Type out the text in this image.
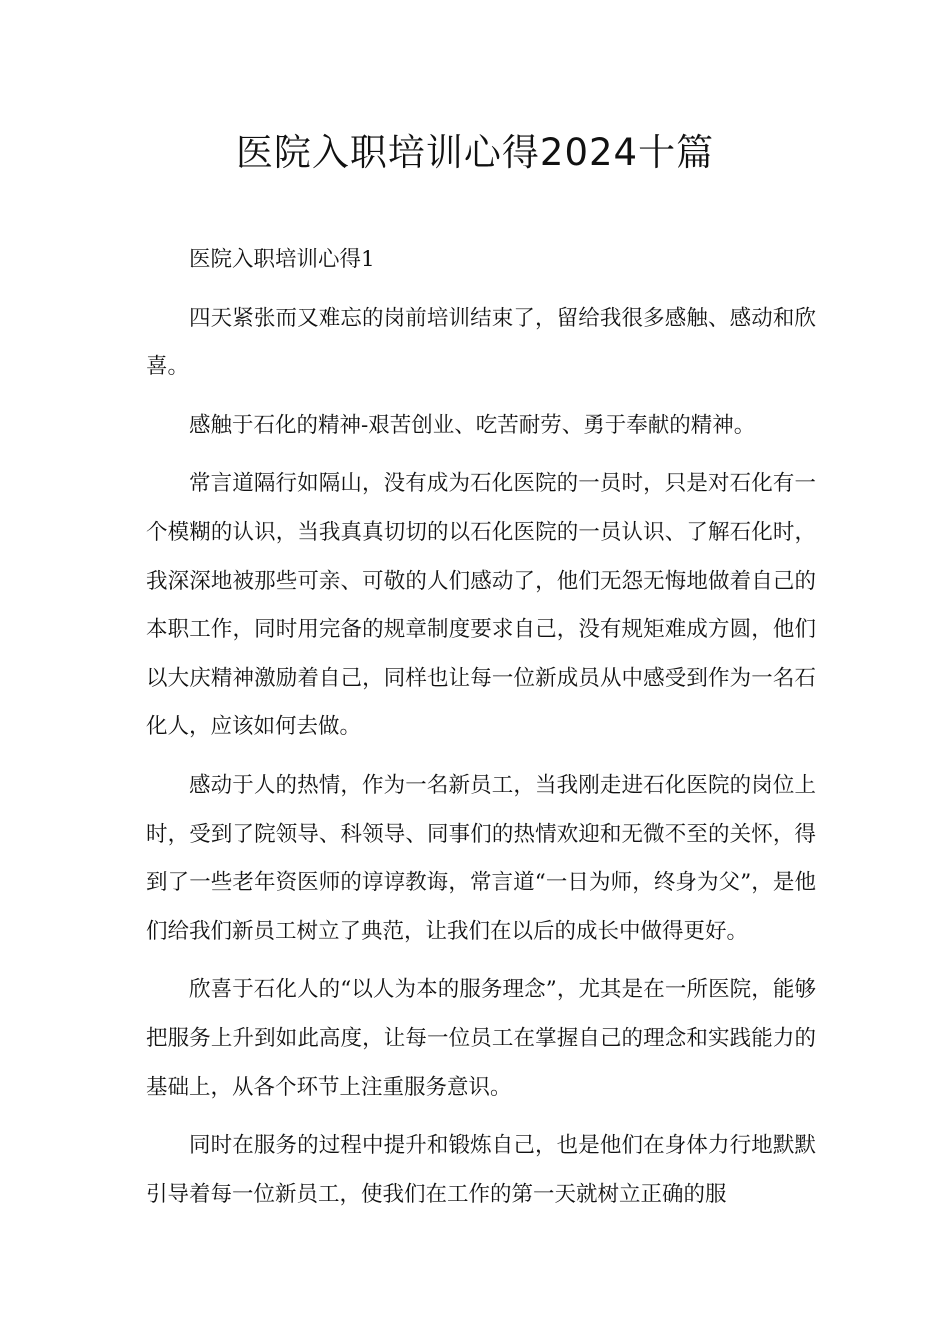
医院入职培训心得2024十篇

医院入职培训心得1

四天紧张而又难忘的岗前培训结束了，留给我很多感触、感动和欣喜。

感触于石化的精神-艰苦创业、吃苦耐劳、勇于奉献的精神。

常言道隔行如隔山，没有成为石化医院的一员时，只是对石化有一个模糊的认识，当我真真切切的以石化医院的一员认识、了解石化时，我深深地被那些可亲、可敬的人们感动了，他们无怨无悔地做着自己的本职工作，同时用完备的规章制度要求自己，没有规矩难成方圆，他们以大庆精神激励着自己，同样也让每一位新成员从中感受到作为一名石化人，应该如何去做。

感动于人的热情，作为一名新员工，当我刚走进石化医院的岗位上时，受到了院领导、科领导、同事们的热情欢迎和无微不至的关怀，得到了一些老年资医师的谆谆教诲，常言道“一日为师，终身为父”，是他们给我们新员工树立了典范，让我们在以后的成长中做得更好。

欣喜于石化人的“以人为本的服务理念”，尤其是在一所医院，能够把服务上升到如此高度，让每一位员工在掌握自己的理念和实践能力的基础上，从各个环节上注重服务意识。

同时在服务的过程中提升和锻炼自己，也是他们在身体力行地默默引导着每一位新员工，使我们在工作的第一天就树立正确的服
